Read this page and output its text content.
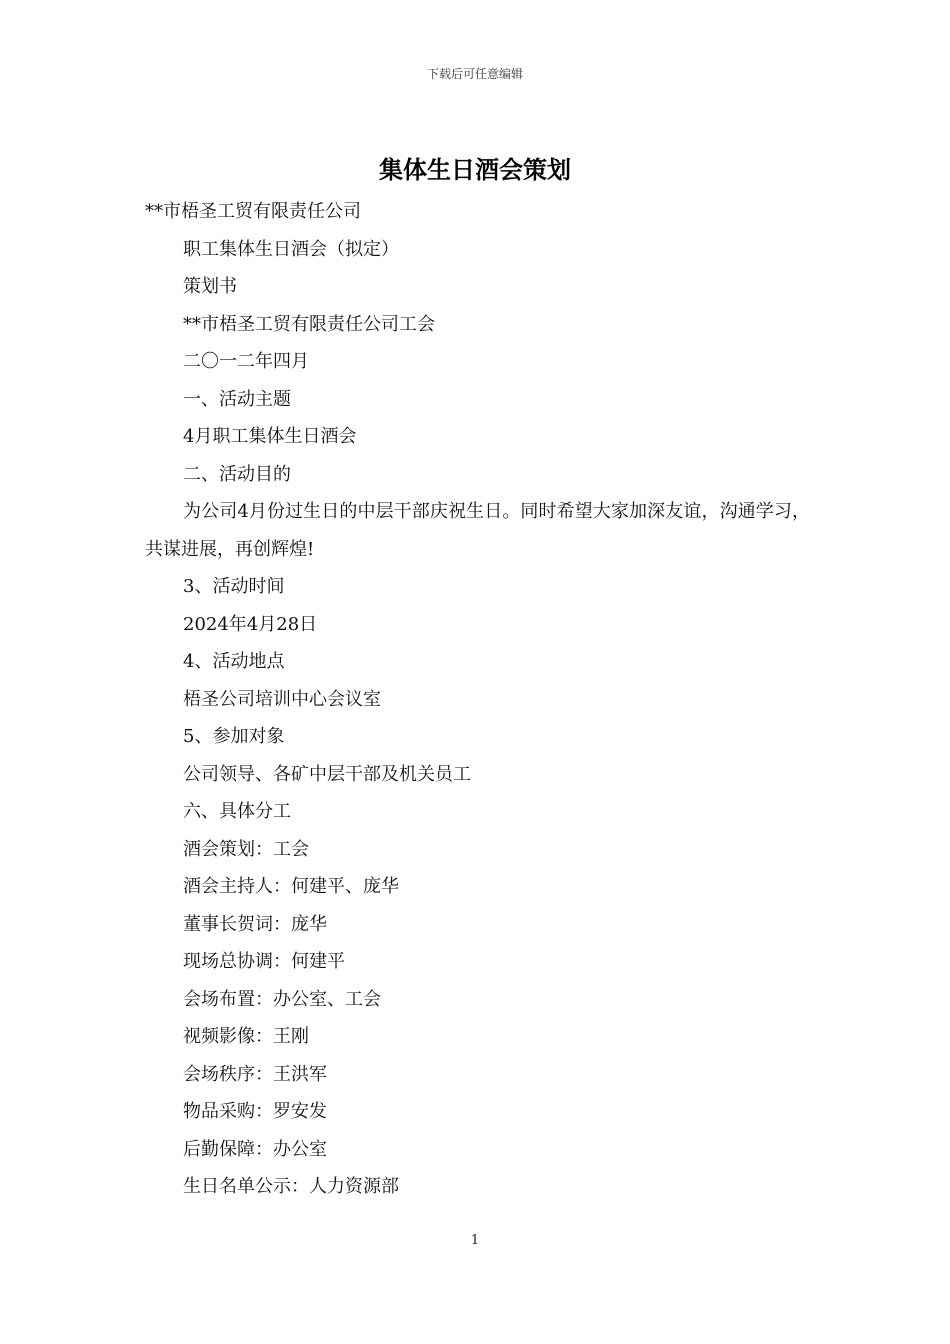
下载后可任意编辑
集体生日酒会策划

**市梧圣工贸有限责任公司

职工集体生日酒会（拟定）

策划书

**市梧圣工贸有限责任公司工会

二〇一二年四月

一、活动主题

4月职工集体生日酒会

二、活动目的

为公司4月份过生日的中层干部庆祝生日。同时希望大家加深友谊，沟通学习，共谋进展，再创辉煌!

3、活动时间

2024年4月28日

4、活动地点

梧圣公司培训中心会议室

5、参加对象

公司领导、各矿中层干部及机关员工

六、具体分工

酒会策划：工会

酒会主持人：何建平、庞华

董事长贺词：庞华

现场总协调：何建平

会场布置：办公室、工会

视频影像：王刚

会场秩序：王洪军

物品采购：罗安发

后勤保障：办公室

生日名单公示：人力资源部

1
